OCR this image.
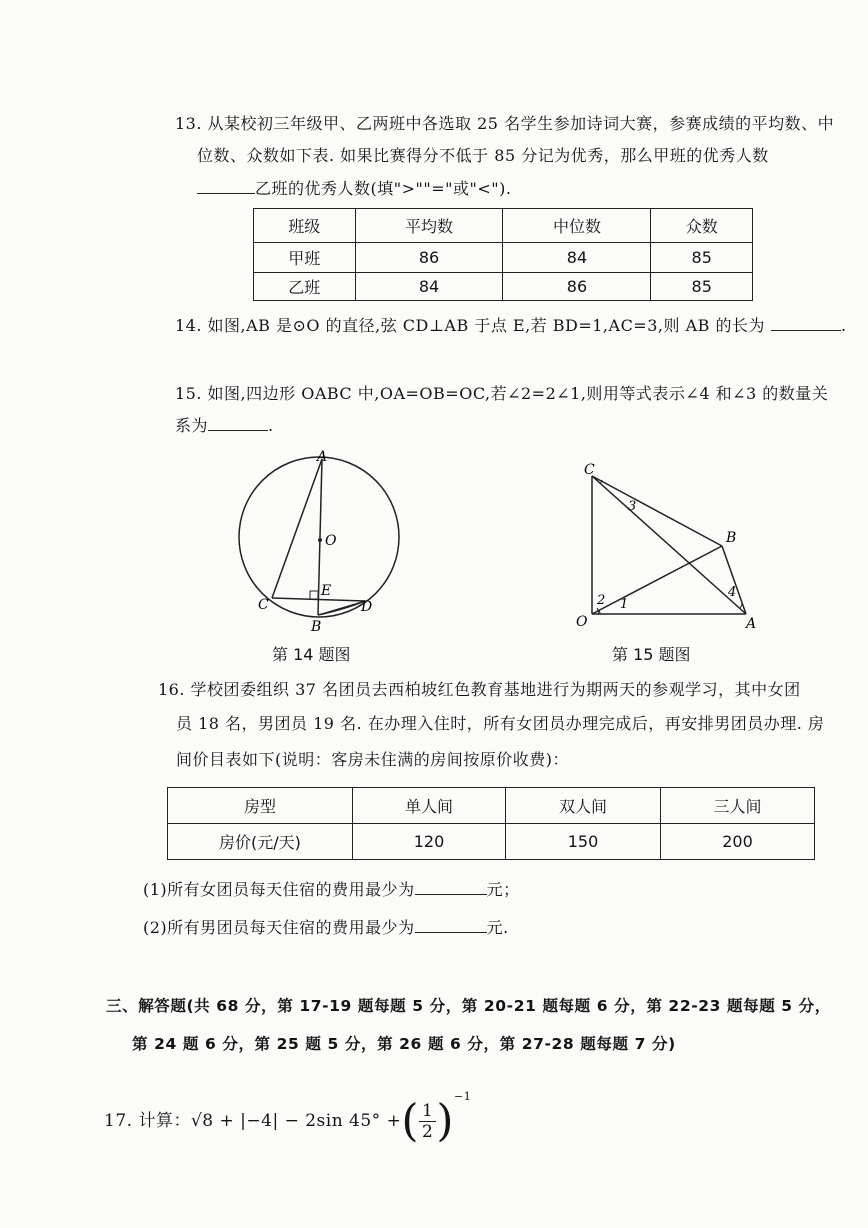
13. 从某校初三年级甲、乙两班中各选取 25 名学生参加诗词大赛，参赛成绩的平均数、中
位数、众数如下表. 如果比赛得分不低于 85 分记为优秀，那么甲班的优秀人数
乙班的优秀人数(填">""="或"<").
班级	平均数	中位数	众数
甲班	86	84	85
乙班	84	86	85
14. 如图,AB 是⊙O 的直径,弦 CD⊥AB 于点 E,若 BD=1,AC=3,则 AB 的长为	.
15. 如图,四边形 OABC 中,OA=OB=OC,若∠2=2∠1,则用等式表示∠4 和∠3 的数量关
系为	.
A
O
E
C
B
D
第 14 题图
C
3
B
2 1
4
O	A
第 15 题图
16. 学校团委组织 37 名团员去西柏坡红色教育基地进行为期两天的参观学习，其中女团
员 18 名，男团员 19 名. 在办理入住时，所有女团员办理完成后，再安排男团员办理. 房
间价目表如下(说明：客房未住满的房间按原价收费)：
房型	单人间	双人间	三人间
房价(元/天)	120	150	200
(1)所有女团员每天住宿的费用最少为	元；
(2)所有男团员每天住宿的费用最少为	元.
三、解答题(共 68 分，第 17-19 题每题 5 分，第 20-21 题每题 6 分，第 22-23 题每题 5 分，
第 24 题 6 分，第 25 题 5 分，第 26 题 6 分，第 27-28 题每题 7 分)
17. 计算：√8 + |−4| − 2sin 45° +( $\frac{1}{2} )^{-1}$
